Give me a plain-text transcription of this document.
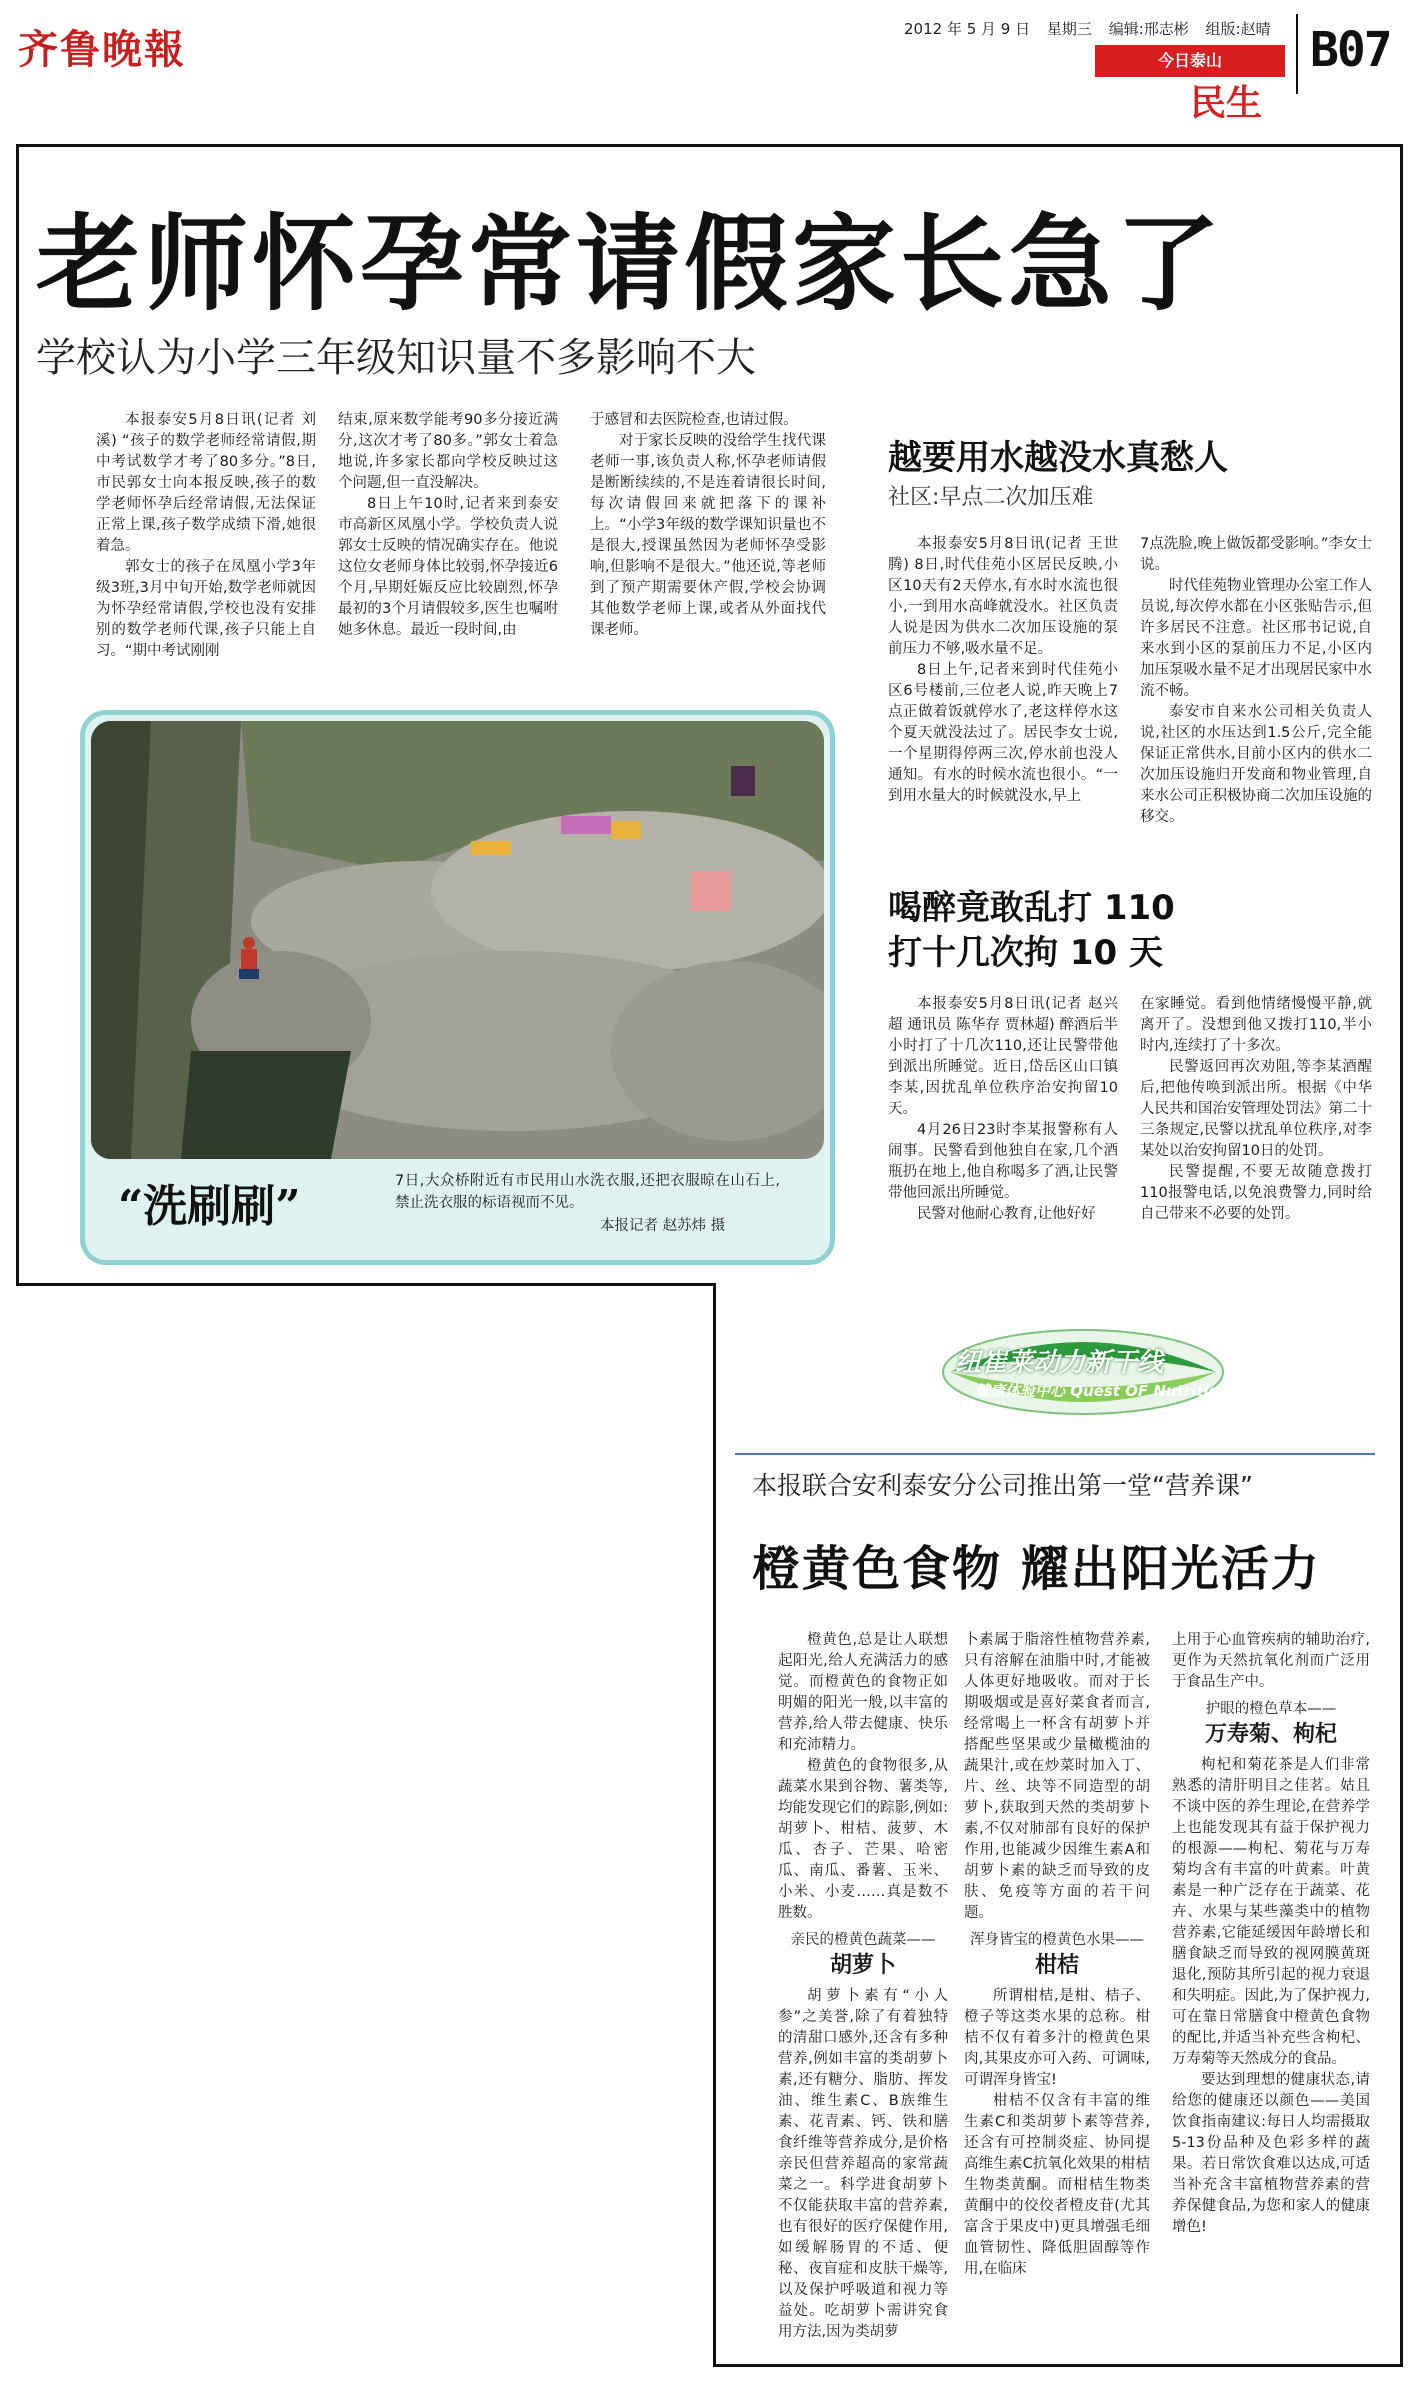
齐鲁晚報	2012 年 5 月 9 日 星期三 编辑:邢志彬 组版:赵晴
今日泰山
民生
B07
老师怀孕常请假家长急了
学校认为小学三年级知识量不多影响不大

本报泰安5月8日讯(记者 刘溪) “孩子的数学老师经常请假,期中考试数学才考了80多分。”8日,市民郭女士向本报反映,孩子的数学老师怀孕后经常请假,无法保证正常上课,孩子数学成绩下滑,她很着急。

郭女士的孩子在凤凰小学3年级3班,3月中旬开始,数学老师就因为怀孕经常请假,学校也没有安排别的数学老师代课,孩子只能上自习。“期中考试刚刚

结束,原来数学能考90多分接近满分,这次才考了80多。”郭女士着急地说,许多家长都向学校反映过这个问题,但一直没解决。

8日上午10时,记者来到泰安市高新区凤凰小学。学校负责人说郭女士反映的情况确实存在。他说这位女老师身体比较弱,怀孕接近6个月,早期妊娠反应比较剧烈,怀孕最初的3个月请假较多,医生也嘱咐她多休息。最近一段时间,由

于感冒和去医院检查,也请过假。

对于家长反映的没给学生找代课老师一事,该负责人称,怀孕老师请假是断断续续的,不是连着请很长时间,每次请假回来就把落下的课补上。“小学3年级的数学课知识量也不是很大,授课虽然因为老师怀孕受影响,但影响不是很大。”他还说,等老师到了预产期需要休产假,学校会协调其他数学老师上课,或者从外面找代课老师。

“洗刷刷”	7日,大众桥附近有市民用山水洗衣服,还把衣服晾在山石上,禁止洗衣服的标语视而不见。
本报记者 赵苏炜 摄
越要用水越没水真愁人
社区:早点二次加压难

本报泰安5月8日讯(记者 王世腾) 8日,时代佳苑小区居民反映,小区10天有2天停水,有水时水流也很小,一到用水高峰就没水。社区负责人说是因为供水二次加压设施的泵前压力不够,吸水量不足。

8日上午,记者来到时代佳苑小区6号楼前,三位老人说,昨天晚上7点正做着饭就停水了,老这样停水这个夏天就没法过了。居民李女士说,一个星期得停两三次,停水前也没人通知。有水的时候水流也很小。“一到用水量大的时候就没水,早上

7点洗脸,晚上做饭都受影响。”李女士说。

时代佳苑物业管理办公室工作人员说,每次停水都在小区张贴告示,但许多居民不注意。社区邢书记说,自来水到小区的泵前压力不足,小区内加压泵吸水量不足才出现居民家中水流不畅。

泰安市自来水公司相关负责人说,社区的水压达到1.5公斤,完全能保证正常供水,目前小区内的供水二次加压设施归开发商和物业管理,自来水公司正积极协商二次加压设施的移交。

喝醉竟敢乱打 110
打十几次拘 10 天

本报泰安5月8日讯(记者 赵兴超 通讯员 陈华存 贾林超) 醉酒后半小时打了十几次110,还让民警带他到派出所睡觉。近日,岱岳区山口镇李某,因扰乱单位秩序治安拘留10天。

4月26日23时李某报警称有人闹事。民警看到他独自在家,几个酒瓶扔在地上,他自称喝多了酒,让民警带他回派出所睡觉。

民警对他耐心教育,让他好好

在家睡觉。看到他情绪慢慢平静,就离开了。没想到他又拨打110,半小时内,连续打了十多次。

民警返回再次劝阻,等李某酒醒后,把他传唤到派出所。根据《中华人民共和国治安管理处罚法》第二十三条规定,民警以扰乱单位秩序,对李某处以治安拘留10日的处罚。

民警提醒,不要无故随意拨打110报警电话,以免浪费警力,同时给自己带来不必要的处罚。

纽崔莱动力新干线
健康体验中心 Quest OF Nutrition
本报联合安利泰安分公司推出第一堂“营养课”
橙黄色食物 耀出阳光活力

橙黄色,总是让人联想起阳光,给人充满活力的感觉。而橙黄色的食物正如明媚的阳光一般,以丰富的营养,给人带去健康、快乐和充沛精力。

橙黄色的食物很多,从蔬菜水果到谷物、薯类等,均能发现它们的踪影,例如:胡萝卜、柑桔、菠萝、木瓜、杏子、芒果、哈密瓜、南瓜、番薯、玉米、小米、小麦……真是数不胜数。

亲民的橙黄色蔬菜——
胡萝卜

胡萝卜素有“小人参”之美誉,除了有着独特的清甜口感外,还含有多种营养,例如丰富的类胡萝卜素,还有糖分、脂肪、挥发油、维生素C、B族维生素、花青素、钙、铁和膳食纤维等营养成分,是价格亲民但营养超高的家常蔬菜之一。科学进食胡萝卜不仅能获取丰富的营养素,也有很好的医疗保健作用,如缓解肠胃的不适、便秘、夜盲症和皮肤干燥等,以及保护呼吸道和视力等益处。吃胡萝卜需讲究食用方法,因为类胡萝

卜素属于脂溶性植物营养素,只有溶解在油脂中时,才能被人体更好地吸收。而对于长期吸烟或是喜好菜食者而言,经常喝上一杯含有胡萝卜并搭配些坚果或少量橄榄油的蔬果汁,或在炒菜时加入丁、片、丝、块等不同造型的胡萝卜,获取到天然的类胡萝卜素,不仅对肺部有良好的保护作用,也能减少因维生素A和胡萝卜素的缺乏而导致的皮肤、免疫等方面的若干问题。

浑身皆宝的橙黄色水果——
柑桔

所谓柑桔,是柑、桔子、橙子等这类水果的总称。柑桔不仅有着多汁的橙黄色果肉,其果皮亦可入药、可调味,可谓浑身皆宝!

柑桔不仅含有丰富的维生素C和类胡萝卜素等营养,还含有可控制炎症、协同提高维生素C抗氧化效果的柑桔生物类黄酮。而柑桔生物类黄酮中的佼佼者橙皮苷(尤其富含于果皮中)更具增强毛细血管韧性、降低胆固醇等作用,在临床

上用于心血管疾病的辅助治疗,更作为天然抗氧化剂而广泛用于食品生产中。

护眼的橙色草本——
万寿菊、枸杞

枸杞和菊花茶是人们非常熟悉的清肝明目之佳茗。姑且不谈中医的养生理论,在营养学上也能发现其有益于保护视力的根源——枸杞、菊花与万寿菊均含有丰富的叶黄素。叶黄素是一种广泛存在于蔬菜、花卉、水果与某些藻类中的植物营养素,它能延缓因年龄增长和膳食缺乏而导致的视网膜黄斑退化,预防其所引起的视力衰退和失明症。因此,为了保护视力,可在靠日常膳食中橙黄色食物的配比,并适当补充些含枸杞、万寿菊等天然成分的食品。

要达到理想的健康状态,请给您的健康还以颜色——美国饮食指南建议:每日人均需摄取5-13份品种及色彩多样的蔬果。若日常饮食难以达成,可适当补充含丰富植物营养素的营养保健食品,为您和家人的健康增色!
